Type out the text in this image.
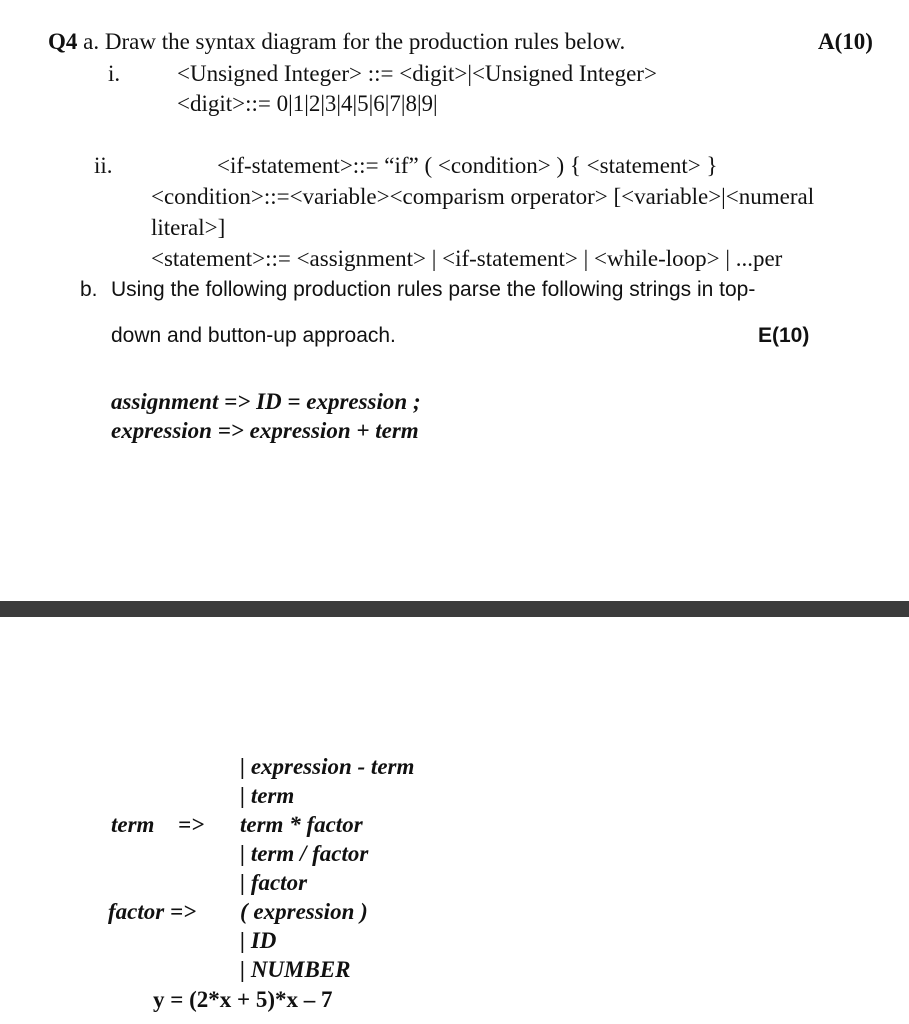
Q4 a. Draw the syntax diagram for the production rules below.	A(10)
i. <Unsigned Integer> ::= <digit>|<Unsigned Integer>
<digit>::= 0|1|2|3|4|5|6|7|8|9|
ii.	<if-statement>::= “if” ( <condition> ) { <statement> }
<condition>::=<variable><comparism orperator> [<variable>|<numeral
literal>]
<statement>::= <assignment> | <if-statement> | <while-loop> | ...per
b. Using the following production rules parse the following strings in top-
down and button-up approach.	E(10)
assignment => ID = expression ;
expression => expression + term
| expression - term
| term
term => term * factor
| term / factor
| factor
factor => ( expression )
| ID
| NUMBER
y = (2*x + 5)*x – 7
